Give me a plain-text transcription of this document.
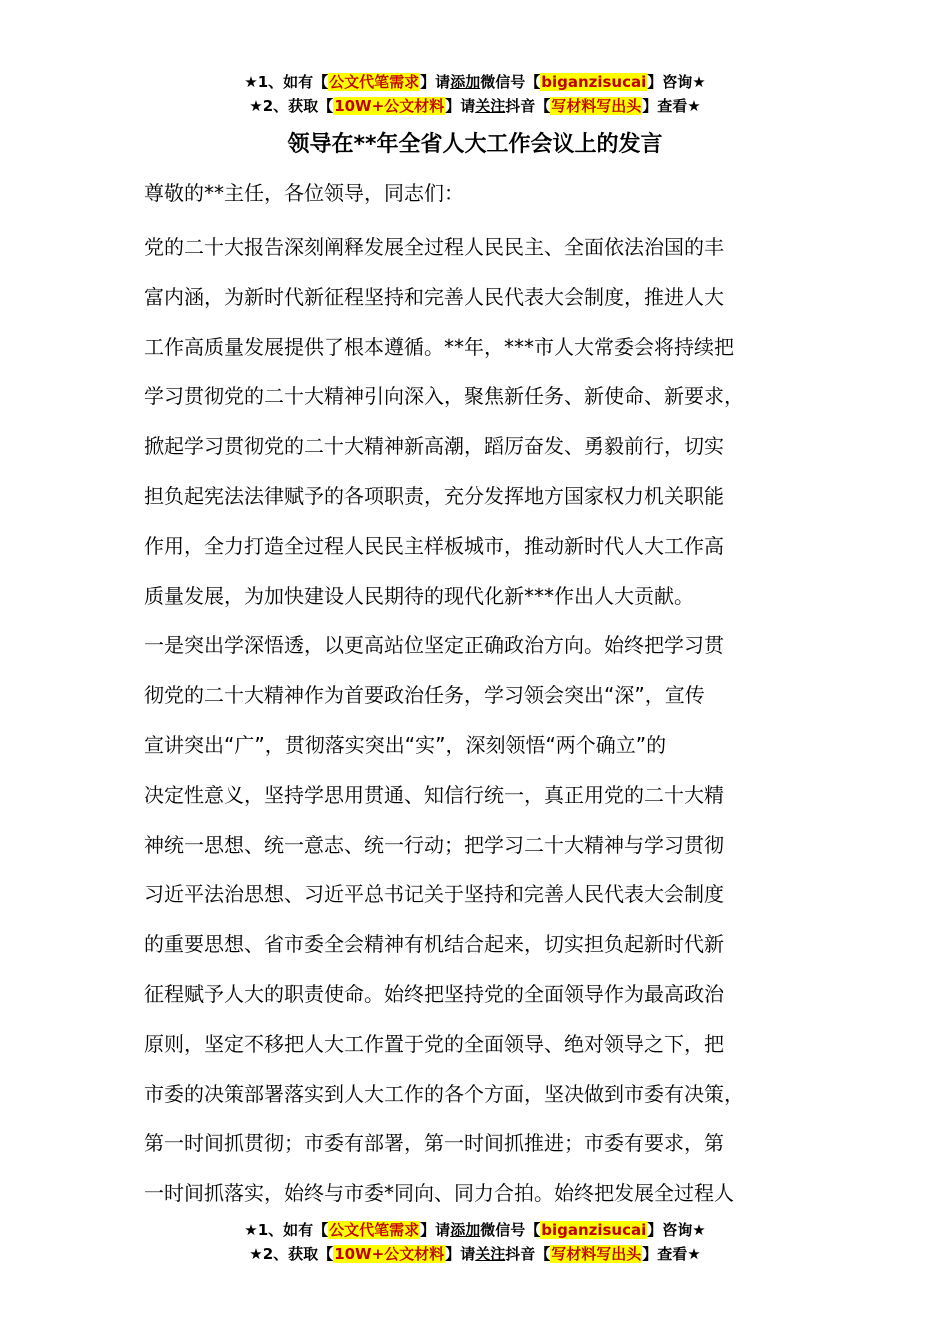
★1、如有【公文代笔需求】请添加微信号【biganzisucai】咨询★
★2、获取【10W+公文材料】请关注抖音【写材料写出头】查看★
领导在**年全省人大工作会议上的发言
尊敬的**主任，各位领导，同志们：
党的二十大报告深刻阐释发展全过程人民民主、全面依法治国的丰
富内涵，为新时代新征程坚持和完善人民代表大会制度，推进人大
工作高质量发展提供了根本遵循。**年，***市人大常委会将持续把
学习贯彻党的二十大精神引向深入，聚焦新任务、新使命、新要求，
掀起学习贯彻党的二十大精神新高潮，蹈厉奋发、勇毅前行，切实
担负起宪法法律赋予的各项职责，充分发挥地方国家权力机关职能
作用，全力打造全过程人民民主样板城市，推动新时代人大工作高
质量发展，为加快建设人民期待的现代化新***作出人大贡献。
一是突出学深悟透，以更高站位坚定正确政治方向。始终把学习贯
彻党的二十大精神作为首要政治任务，学习领会突出“深”，宣传
宣讲突出“广”，贯彻落实突出“实”，深刻领悟“两个确立”的
决定性意义，坚持学思用贯通、知信行统一，真正用党的二十大精
神统一思想、统一意志、统一行动；把学习二十大精神与学习贯彻
习近平法治思想、习近平总书记关于坚持和完善人民代表大会制度
的重要思想、省市委全会精神有机结合起来，切实担负起新时代新
征程赋予人大的职责使命。始终把坚持党的全面领导作为最高政治
原则，坚定不移把人大工作置于党的全面领导、绝对领导之下，把
市委的决策部署落实到人大工作的各个方面，坚决做到市委有决策，
第一时间抓贯彻；市委有部署，第一时间抓推进；市委有要求，第
一时间抓落实，始终与市委*同向、同力合拍。始终把发展全过程人
★1、如有【公文代笔需求】请添加微信号【biganzisucai】咨询★
★2、获取【10W+公文材料】请关注抖音【写材料写出头】查看★
